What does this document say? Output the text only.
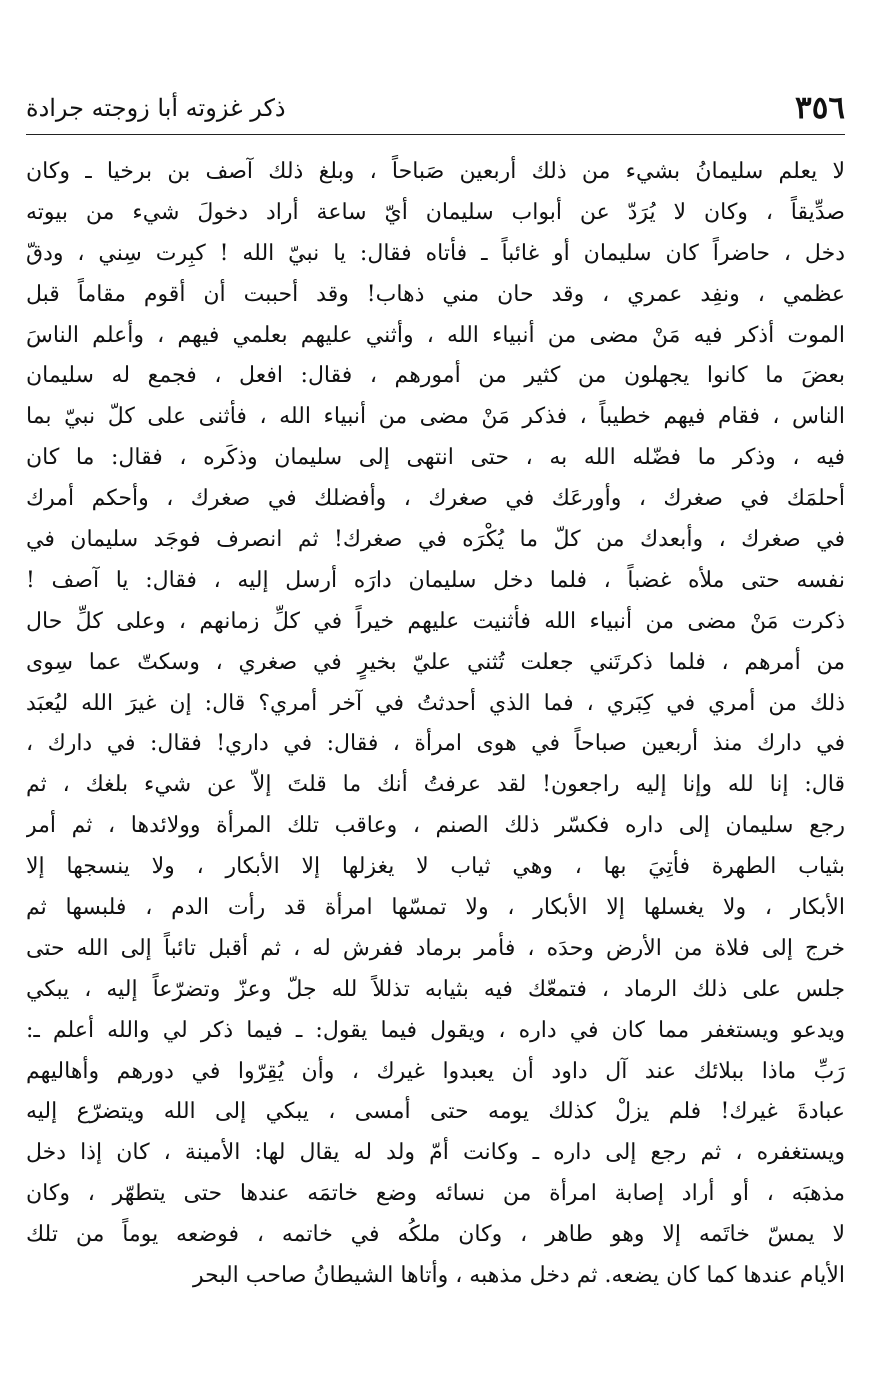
٣٥٦
ذكر غزوته أبا زوجته جرادة
لا يعلم سليمانُ بشيء من ذلك أربعين صَباحاً ، وبلغ ذلك آصف بن برخيا ـ وكان
صدِّيقاً ، وكان لا يُرَدّ عن أبواب سليمان أيّ ساعة أراد دخولَ شيء من بيوته
دخل ، حاضراً كان سليمان أو غائباً ـ فأتاه فقال: يا نبيّ الله ! كبِرت سِني ، ودقّ
عظمي ، ونفِد عمري ، وقد حان مني ذهاب! وقد أحببت أن أقوم مقاماً قبل
الموت أذكر فيه مَنْ مضى من أنبياء الله ، وأثني عليهم بعلمي فيهم ، وأعلم الناسَ
بعضَ ما كانوا يجهلون من كثير من أمورهم ، فقال: افعل ، فجمع له سليمان
الناس ، فقام فيهم خطيباً ، فذكر مَنْ مضى من أنبياء الله ، فأثنى على كلّ نبيّ بما
فيه ، وذكر ما فضّله الله به ، حتى انتهى إلى سليمان وذكَره ، فقال: ما كان
أحلمَك في صغرك ، وأورعَك في صغرك ، وأفضلك في صغرك ، وأحكم أمرك
في صغرك ، وأبعدك من كلّ ما يُكْرَه في صغرك! ثم انصرف فوجَد سليمان في
نفسه حتى ملأه غضباً ، فلما دخل سليمان دارَه أرسل إليه ، فقال: يا آصف !
ذكرت مَنْ مضى من أنبياء الله فأثنيت عليهم خيراً في كلِّ زمانهم ، وعلى كلِّ حال
من أمرهم ، فلما ذكرتَني جعلت تُثني عليّ بخيرٍ في صغري ، وسكتّ عما سِوى
ذلك من أمري في كِبَري ، فما الذي أحدثتُ في آخر أمري؟ قال: إن غيرَ الله ليُعبَد
في دارك منذ أربعين صباحاً في هوى امرأة ، فقال: في داري! فقال: في دارك ،
قال: إنا لله وإنا إليه راجعون! لقد عرفتُ أنك ما قلتَ إلاّ عن شيء بلغك ، ثم
رجع سليمان إلى داره فكسّر ذلك الصنم ، وعاقب تلك المرأة وولائدها ، ثم أمر
بثياب الطهرة فأتِيَ بها ، وهي ثياب لا يغزلها إلا الأبكار ، ولا ينسجها إلا
الأبكار ، ولا يغسلها إلا الأبكار ، ولا تمسّها امرأة قد رأت الدم ، فلبسها ثم
خرج إلى فلاة من الأرض وحدَه ، فأمر برماد ففرش له ، ثم أقبل تائباً إلى الله حتى
جلس على ذلك الرماد ، فتمعّك فيه بثيابه تذللاً لله جلّ وعزّ وتضرّعاً إليه ، يبكي
ويدعو ويستغفر مما كان في داره ، ويقول فيما يقول: ـ فيما ذكر لي والله أعلم ـ:
رَبِّ ماذا ببلائك عند آل داود أن يعبدوا غيرك ، وأن يُقِرّوا في دورهم وأهاليهم
عبادةَ غيرك! فلم يزلْ كذلك يومه حتى أمسى ، يبكي إلى الله ويتضرّع إليه
ويستغفره ، ثم رجع إلى داره ـ وكانت أمّ ولد له يقال لها: الأمينة ، كان إذا دخل
مذهبَه ، أو أراد إصابة امرأة من نسائه وضع خاتمَه عندها حتى يتطهّر ، وكان
لا يمسّ خاتَمه إلا وهو طاهر ، وكان ملكُه في خاتمه ، فوضعه يوماً من تلك
الأيام عندها كما كان يضعه. ثم دخل مذهبه ، وأتاها الشيطانُ صاحب البحر
